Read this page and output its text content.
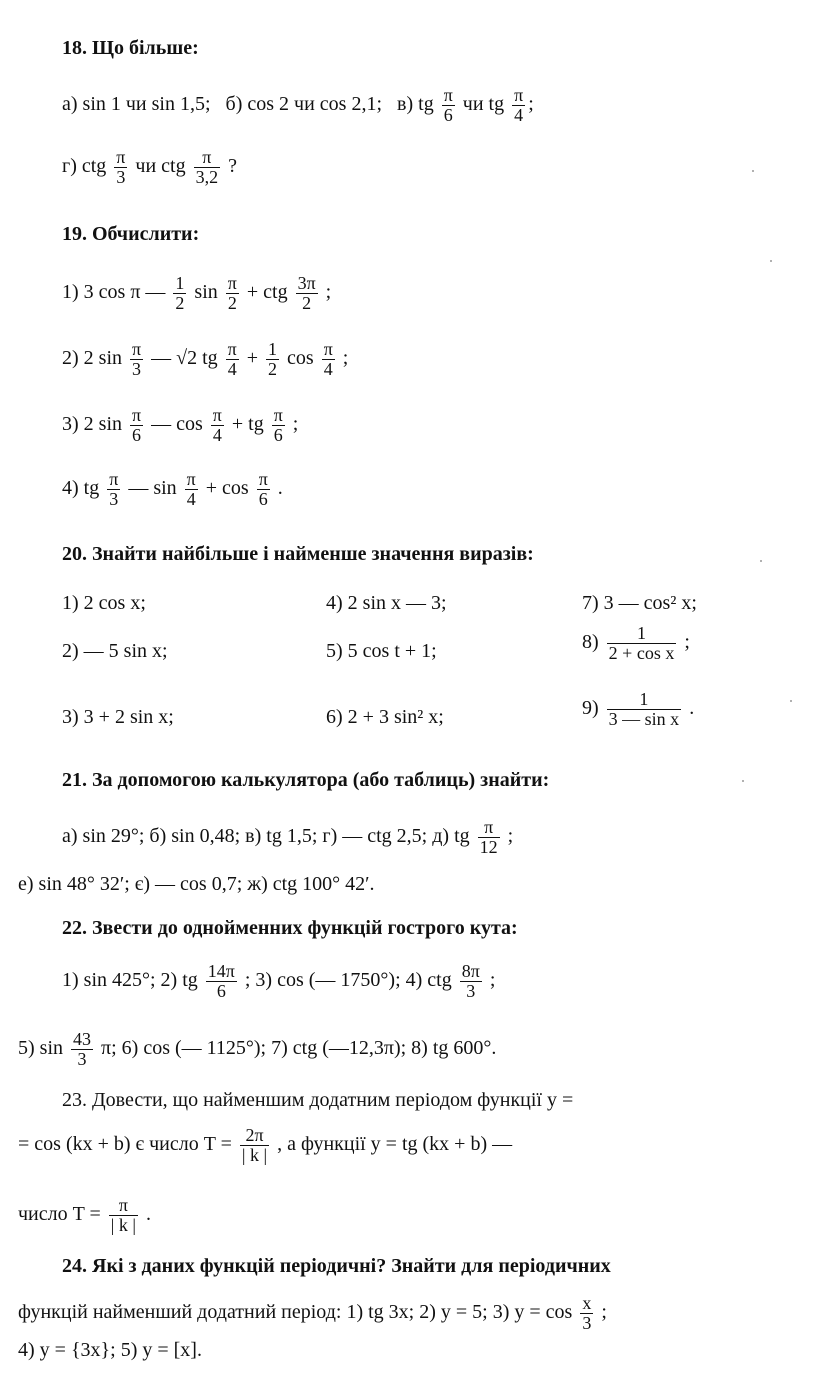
18. Що більше:
а) sin 1 чи sin 1,5; б) cos 2 чи cos 2,1; в) tg $\frac{\pi}{6}$ чи tg $\frac{\pi}{4}$ ;
г) ctg $\frac{\pi}{3}$ чи ctg $\frac{\pi}{3,2}$ ?
19. Обчислити:
1) 3 cos π — $\frac{1}{2}$ $\sin \frac{\pi}{2}$ + ctg $\frac{3\pi}{2}$ ;
2) 2 $\sin \frac{\pi}{3}$ — √2 tg $\frac{\pi}{4} + \frac{1}{2}$ $\cos \frac{\pi}{4}$ ;
3) 2 $\sin \frac{\pi}{6}$ — $\cos \frac{\pi}{4}$ + tg $\frac{\pi}{6}$ ;
4) tg $\frac{\pi}{3}$ — $\sin \frac{\pi}{4} + \cos \frac{\pi}{6}$ .
20. Знайти найбільше і найменше значення виразів:
1) 2 cos x;	4) 2 sin x — 3;	7) 3 — cos² x;
2) — 5 sin x;	5) 5 cos t + 1;	$8) \frac{1}{\text{2 + cos x}}$ ;
3) 3 + 2 sin x;	6) 2 + 3 sin² x;	$9) \frac{1}{\text{3 — sin x}}$ .
21. За допомогою калькулятора (або таблиць) знайти:
а) sin 29°; б) sin 0,48; в) tg 1,5; г) — ctg 2,5; д) tg $\frac{\pi}{12}$ ;
е) sin 48° 32′; є) — cos 0,7; ж) ctg 100° 42′.
22. Звести до однойменних функцій гострого кута:
1) sin 425°; 2) tg $\frac{14\pi}{6}$ ; 3) cos (— 1750°); 4) ctg $\frac{8\pi}{3}$ ;
5) $\sin \frac{43}{3} \pi$; 6) cos (— 1125°); 7) ctg (—12,3π); 8) tg 600°.
23. Довести, що найменшим додатним періодом функції y =
= cos (kx + b) є число $T = \frac{2\pi}{| k |}$ , а функції y = tg (kx + b) —
число $T = \frac{\pi}{| k |}$ .
24. Які з даних функцій періодичні? Знайти для періодичних
функцій найменший додатний період: 1) tg 3x; 2) y = 5; 3) $y = \cos \frac{x}{3}$ ;
4) y = {3x}; 5) y = [x].
